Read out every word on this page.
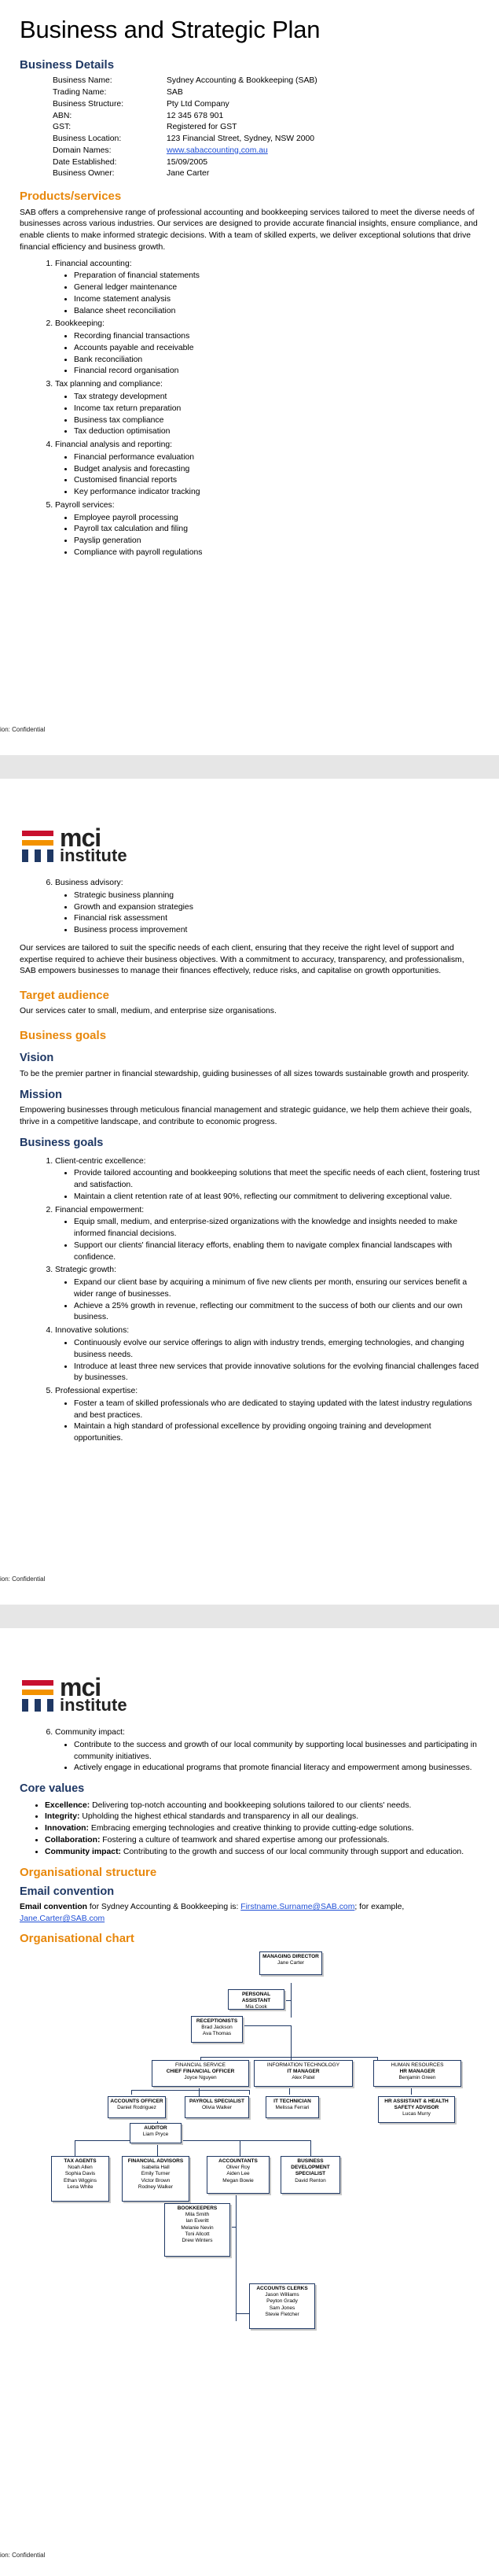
Business and Strategic Plan
Business Details
Business Name:	Sydney Accounting & Bookkeeping (SAB)
Trading Name:	SAB
Business Structure:	Pty Ltd Company
ABN:	12 345 678 901
GST:	Registered for GST
Business Location:	123 Financial Street, Sydney, NSW 2000
Domain Names:	www.sabaccounting.com.au
Date Established:	15/09/2005
Business Owner:	Jane Carter
Products/services

SAB offers a comprehensive range of professional accounting and bookkeeping services tailored to meet the diverse needs of businesses across various industries. Our services are designed to provide accurate financial insights, ensure compliance, and enable clients to make informed strategic decisions. With a team of skilled experts, we deliver exceptional solutions that drive financial efficiency and business growth.

1. Financial accounting:
• Preparation of financial statements
• General ledger maintenance
• Income statement analysis
• Balance sheet reconciliation
2. Bookkeeping:
• Recording financial transactions
• Accounts payable and receivable
• Bank reconciliation
• Financial record organisation
3. Tax planning and compliance:
• Tax strategy development
• Income tax return preparation
• Business tax compliance
• Tax deduction optimisation
4. Financial analysis and reporting:
• Financial performance evaluation
• Budget analysis and forecasting
• Customised financial reports
• Key performance indicator tracking
5. Payroll services:
• Employee payroll processing
• Payroll tax calculation and filing
• Payslip generation
• Compliance with payroll regulations
ion: Confidential
mci
institute
6. Business advisory:
• Strategic business planning
• Growth and expansion strategies
• Financial risk assessment
• Business process improvement

Our services are tailored to suit the specific needs of each client, ensuring that they receive the right level of support and expertise required to achieve their business objectives. With a commitment to accuracy, transparency, and professionalism, SAB empowers businesses to manage their finances effectively, reduce risks, and capitalise on growth opportunities.

Target audience

Our services cater to small, medium, and enterprise size organisations.

Business goals
Vision

To be the premier partner in financial stewardship, guiding businesses of all sizes towards sustainable growth and prosperity.

Mission

Empowering businesses through meticulous financial management and strategic guidance, we help them achieve their goals, thrive in a competitive landscape, and contribute to economic progress.

Business goals
1. Client-centric excellence:
• Provide tailored accounting and bookkeeping solutions that meet the specific needs of each client, fostering trust and satisfaction.
• Maintain a client retention rate of at least 90%, reflecting our commitment to delivering exceptional value.
2. Financial empowerment:
• Equip small, medium, and enterprise-sized organizations with the knowledge and insights needed to make informed financial decisions.
• Support our clients' financial literacy efforts, enabling them to navigate complex financial landscapes with confidence.
3. Strategic growth:
• Expand our client base by acquiring a minimum of five new clients per month, ensuring our services benefit a wider range of businesses.
• Achieve a 25% growth in revenue, reflecting our commitment to the success of both our clients and our own business.
4. Innovative solutions:
• Continuously evolve our service offerings to align with industry trends, emerging technologies, and changing business needs.
• Introduce at least three new services that provide innovative solutions for the evolving financial challenges faced by businesses.
5. Professional expertise:
• Foster a team of skilled professionals who are dedicated to staying updated with the latest industry regulations and best practices.
• Maintain a high standard of professional excellence by providing ongoing training and development opportunities.
ion: Confidential
mci
institute
6. Community impact:
• Contribute to the success and growth of our local community by supporting local businesses and participating in community initiatives.
• Actively engage in educational programs that promote financial literacy and empowerment among businesses.
Core values
• Excellence: Delivering top-notch accounting and bookkeeping solutions tailored to our clients' needs.
• Integrity: Upholding the highest ethical standards and transparency in all our dealings.
• Innovation: Embracing emerging technologies and creative thinking to provide cutting-edge solutions.
• Collaboration: Fostering a culture of teamwork and shared expertise among our professionals.
• Community impact: Contributing to the growth and success of our local community through support and education.
Organisational structure
Email convention

Email convention for Sydney Accounting & Bookkeeping is: Firstname.Surname@SAB.com; for example, Jane.Carter@SAB.com

Organisational chart
MANAGING DIRECTOR
Jane Carter
PERSONAL ASSISTANT
Mia Cook
RECEPTIONISTS
Brad Jackson
Ava Thomas
FINANCIAL SERVICE
CHIEF FINANCIAL OFFICER
Joyce Nguyen
INFORMATION TECHNOLOGY
IT MANAGER
Alex Patel
HUMAN RESOURCES
HR MANAGER
Benjamin Green
ACCOUNTS OFFICER
Daniel Rodriguez
PAYROLL SPECIALIST
Olivia Walker
IT TECHNICIAN
Melissa Ferrari
HR ASSISTANT & HEALTH SAFETY ADVISOR
Lucas Murry
AUDITOR
Liam Pryce
TAX AGENTS
Noah Allen
Sophia Davis
Ethan Wiggins
Lena White
FINANCIAL ADVISORS
Isabella Hall
Emily Turner
Victor Brown
Rodney Walker
ACCOUNTANTS
Oliver Roy
Aiden Lee
Megan Bowie
BUSINESS DEVELOPMENT SPECIALIST
David Renton
BOOKKEEPERS
Mila Smith
Ian Everitt
Melanie Nevin
Toni Allcott
Drew Winters
ACCOUNTS CLERKS
Jason Williams
Peyton Grady
Sam Jones
Stevie Fletcher
ion: Confidential
